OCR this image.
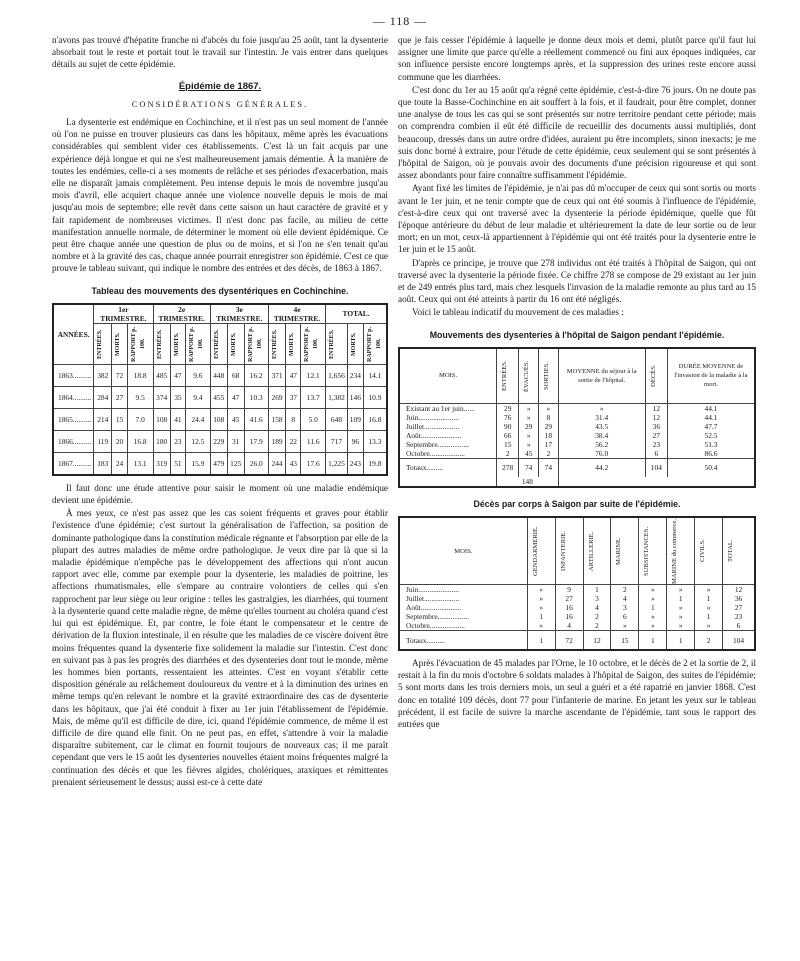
— 118 —

n'avons pas trouvé d'hépatite franche ni d'abcès du foie jusqu'au 25 août, tant la dysenterie absorbait tout le reste et portait tout le travail sur l'intestin. Je vais entrer dans quelques détails au sujet de cette épidémie.

Épidémie de 1867.
CONSIDÉRATIONS GÉNÉRALES.

La dysenterie est endémique en Cochinchine, et il n'est pas un seul moment de l'année où l'on ne puisse en trouver plusieurs cas dans les hôpitaux, même après les évacuations considérables qui semblent vider ces établissements. C'est là un fait acquis par une expérience déjà longue et qui ne s'est malheureusement jamais démentie. À la manière de toutes les endémies, celle-ci a ses moments de relâche et ses périodes d'exacerbation, mais elle ne disparaît jamais complètement. Peu intense depuis le mois de novembre jusqu'au mois d'avril, elle acquiert chaque année une violence nouvelle depuis le mois de mai jusqu'au mois de septembre; elle revêt dans cette saison un haut caractère de gravité et y fait rapidement de nombreuses victimes. Il n'est donc pas facile, au milieu de cette manifestation annuelle normale, de déterminer le moment où elle devient épidémique. Ce peut être chaque année une question de plus ou de moins, et si l'on ne s'en tenait qu'au nombre et à la gravité des cas, chaque année pourrait enregistrer son épidémie. C'est ce que prouve le tableau suivant, qui indique le nombre des entrées et des décès, de 1863 à 1867.

Tableau des mouvements des dysentériques en Cochinchine.
ANNÉES.	1er TRIMESTRE.			2e TRIMESTRE.			3e TRIMESTRE.			4e TRIMESTRE.			TOTAL.		

	ENTRÉES.	MORTS.	RAPPORT p. 100.	ENTRÉES.	MORTS.	RAPPORT p. 100.	ENTRÉES.	MORTS.	RAPPORT p. 100.	ENTRÉES.	MORTS.	RAPPORT p. 100.	ENTRÉES.	MORTS.	RAPPORT p. 100.

1863..........	382	72	18.8	485	47	9.6	448	68	16.2	371	47	12.1	1,656	234	14.1
1864..........	284	27	9.5	374	35	9.4	455	47	10.3	269	37	13.7	1,382	146	10.9
1865..........	214	15	7.0	108	41	24.4	108	45	41.6	158	8	5.0	648	109	16.8
1866..........	119	20	16.8	180	23	12.5	229	31	17.9	189	22	11.6	717	96	13.3
1867..........	183	24	13.1	319	51	15.9	479	125	26.0	244	43	17.6	1,225	243	19.8

Il faut donc une étude attentive pour saisir le moment où une maladie endémique devient une épidémie.

À mes yeux, ce n'est pas assez que les cas soient fréquents et graves pour établir l'existence d'une épidémie; c'est surtout la généralisation de l'affection, sa position de dominante pathologique dans la constitution médicale régnante et l'absorption par elle de la plupart des autres maladies de même ordre pathologique. Je veux dire par là que si la maladie épidémique n'empêche pas le développement des affections qui n'ont aucun rapport avec elle, comme par exemple pour la dysenterie, les maladies de poitrine, les affections rhumatismales, elle s'empare au contraire volontiers de celles qui s'en rapprochent par leur siège ou leur origine : telles les gastralgies, les diarrhées, qui tournent à la dysenterie quand cette maladie règne, de même qu'elles tournent au choléra quand c'est lui qui est épidémique. Et, par contre, le foie étant le compensateur et le centre de dérivation de la fluxion intestinale, il en résulte que les maladies de ce viscère doivent être moins fréquentes quand la dysenterie fixe solidement la maladie sur l'intestin. C'est donc en suivant pas à pas les progrès des diarrhées et des dysenteries dont tout le monde, même les hommes bien portants, ressentaient les atteintes. C'est en voyant s'établir cette disposition générale au relâchement douloureux du ventre et à la diminution des urines en même temps qu'en relevant le nombre et la gravité extraordinaire des cas de dysenterie dans les hôpitaux, que j'ai été conduit à fixer au 1er juin l'établissement de l'épidémie. Mais, de même qu'il est difficile de dire, ici, quand l'épidémie commence, de même il est difficile de dire quand elle finit. On ne peut pas, en effet, s'attendre à voir la maladie disparaître subitement, car le climat en fournit toujours de nouveaux cas; il me paraît cependant que vers le 15 août les dysenteries nouvelles étaient moins fréquentes malgré la continuation des décès et que les fièvres algides, cholériques, ataxiques et rémittentes prenaient sérieusement le dessus; aussi est-ce à cette date

que je fais cesser l'épidémie à laquelle je donne deux mois et demi, plutôt parce qu'il faut lui assigner une limite que parce qu'elle a réellement commencé ou fini aux époques indiquées, car son influence persiste encore longtemps après, et la suppression des urines reste encore aussi commune que les diarrhées.

C'est donc du 1er au 15 août qu'a régné cette épidémie, c'est-à-dire 76 jours. On ne doute pas que toute la Basse-Cochinchine en ait souffert à la fois, et il faudrait, pour être complet, donner une analyse de tous les cas qui se sont présentés sur notre territoire pendant cette période; mais on comprendra combien il eût été difficile de recueillir des documents aussi multipliés, dont beaucoup, dressés dans un autre ordre d'idées, auraient pu être incomplets, sinon inexacts; je me suis donc borné à extraire, pour l'étude de cette épidémie, ceux seulement qui se sont présentés à l'hôpital de Saigon, où je pouvais avoir des documents d'une précision rigoureuse et qui sont assez abondants pour faire connaître suffisamment l'épidémie.

Ayant fixé les limites de l'épidémie, je n'ai pas dû m'occuper de ceux qui sont sortis ou morts avant le 1er juin, et ne tenir compte que de ceux qui ont été soumis à l'influence de l'épidémie, c'est-à-dire ceux qui ont traversé avec la dysenterie la période épidémique, quelle que fût l'époque antérieure du début de leur maladie et ultérieurement la date de leur sortie ou de leur mort; en un mot, ceux-là appartiennent à l'épidémie qui ont été traités pour la dysenterie entre le 1er juin et le 15 août.

D'après ce principe, je trouve que 278 individus ont été traités à l'hôpital de Saigon, qui ont traversé avec la dysenterie la période fixée. Ce chiffre 278 se compose de 29 existant au 1er juin et de 249 entrés plus tard, mais chez lesquels l'invasion de la maladie remonte au plus tard au 15 août. Ceux qui ont été atteints à partir du 16 ont été négligés.

Voici le tableau indicatif du mouvement de ces maladies :

Mouvements des dysenteries à l'hôpital de Saigon pendant l'épidémie.
MOIS.	ENTRÉES.	ÉVACUÉS.	SORTIES.	MOYENNE du séjour à la sortie de l'hôpital.	DÉCÈS.	DURÉE MOYENNE de l'invasion de la maladie à la mort.
Existant au 1er juin......	29	»	»	»	12	44.1
Juin......................	76	»	8	31.4	12	44.1
Juillet...................	90	29	29	43.5	36	47.7
Août......................	66	»	18	38.4	27	52.5
Septembre.................	15	»	17	56.2	23	51.3
Octobre...................	2	45	2	76.0	6	86.6
Totaux.........	278	74	74	44.2	104	50.4
	148					
Décès par corps à Saigon par suite de l'épidémie.
MOIS.	GENDARMERIE.	INFANTERIE.	ARTILLERIE.	MARINE.	SUBSISTANCES.	MARINE du commerce.	CIVILS.	TOTAL.

Juin......................	»	9	1	2	»	»	»	12
Juillet...................	»	27	3	4	»	1	1	36
Août......................	»	16	4	3	1	»	»	27
Septembre.................	1	16	2	6	»	»	1	23
Octobre...................	»	4	2	»	»	»	»	6
Totaux..........	1	72	12	15	1	1	2	104

Après l'évacuation de 45 malades par l'Orne, le 10 octobre, et le décès de 2 et la sortie de 2, il restait à la fin du mois d'octobre 6 soldats malades à l'hôpital de Saigon, des suites de l'épidémie; 5 sont morts dans les trois derniers mois, un seul a guéri et a été rapatrié en janvier 1868. C'est donc en totalité 109 décès, dont 77 pour l'infanterie de marine. En jetant les yeux sur le tableau précédent, il est facile de suivre la marche ascendante de l'épidémie, tant sous le rapport des entrées que
